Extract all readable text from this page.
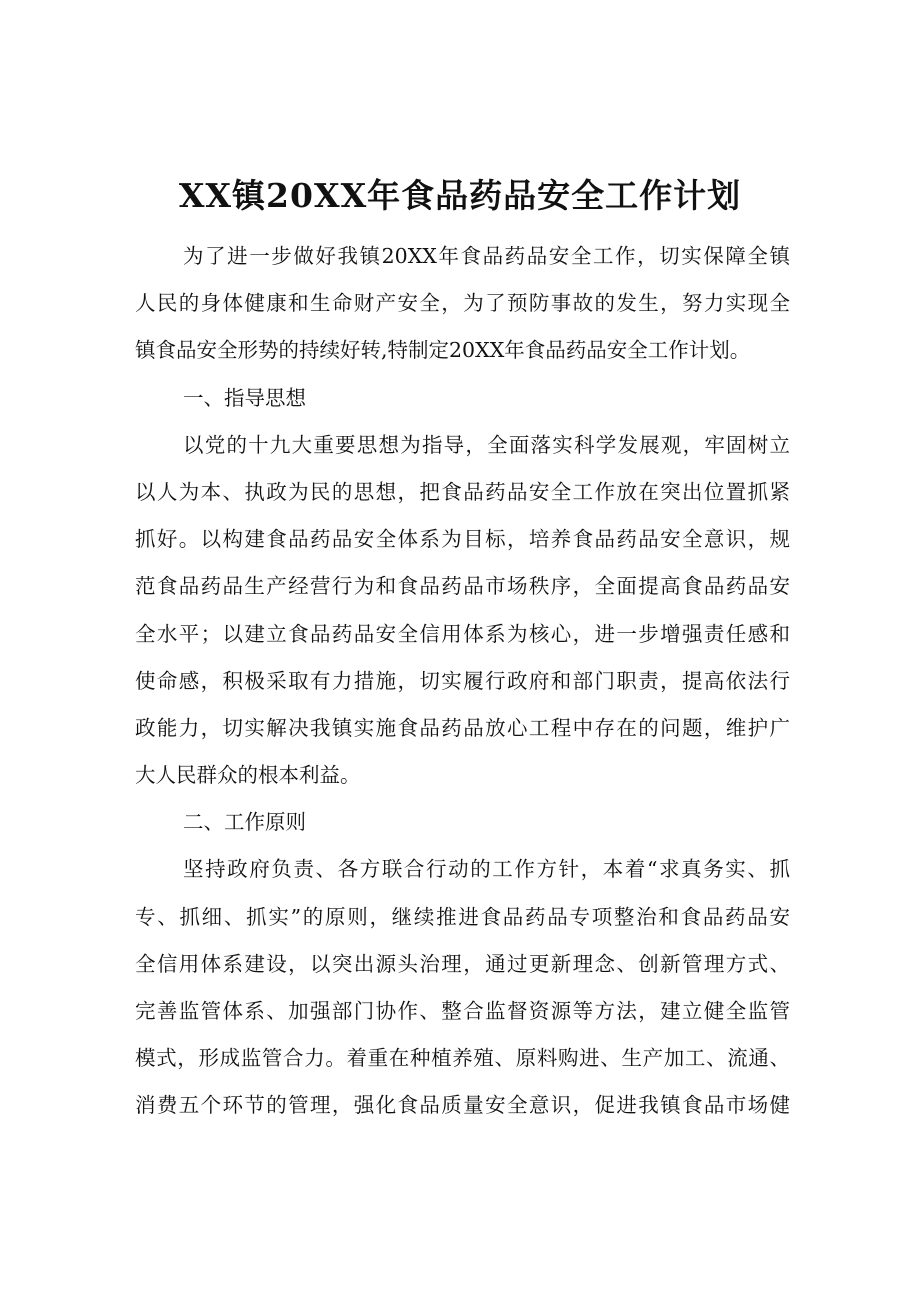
XX镇20XX年食品药品安全工作计划
为了进一步做好我镇20XX年食品药品安全工作，切实保障全镇
人民的身体健康和生命财产安全，为了预防事故的发生，努力实现全
镇食品安全形势的持续好转,特制定20XX年食品药品安全工作计划。
一、指导思想
以党的十九大重要思想为指导，全面落实科学发展观，牢固树立
以人为本、执政为民的思想，把食品药品安全工作放在突出位置抓紧
抓好。以构建食品药品安全体系为目标，培养食品药品安全意识，规
范食品药品生产经营行为和食品药品市场秩序，全面提高食品药品安
全水平；以建立食品药品安全信用体系为核心，进一步增强责任感和
使命感，积极采取有力措施，切实履行政府和部门职责，提高依法行
政能力，切实解决我镇实施食品药品放心工程中存在的问题，维护广
大人民群众的根本利益。
二、工作原则
坚持政府负责、各方联合行动的工作方针，本着“求真务实、抓
专、抓细、抓实”的原则，继续推进食品药品专项整治和食品药品安
全信用体系建设，以突出源头治理，通过更新理念、创新管理方式、
完善监管体系、加强部门协作、整合监督资源等方法，建立健全监管
模式，形成监管合力。着重在种植养殖、原料购进、生产加工、流通、
消费五个环节的管理，强化食品质量安全意识，促进我镇食品市场健
